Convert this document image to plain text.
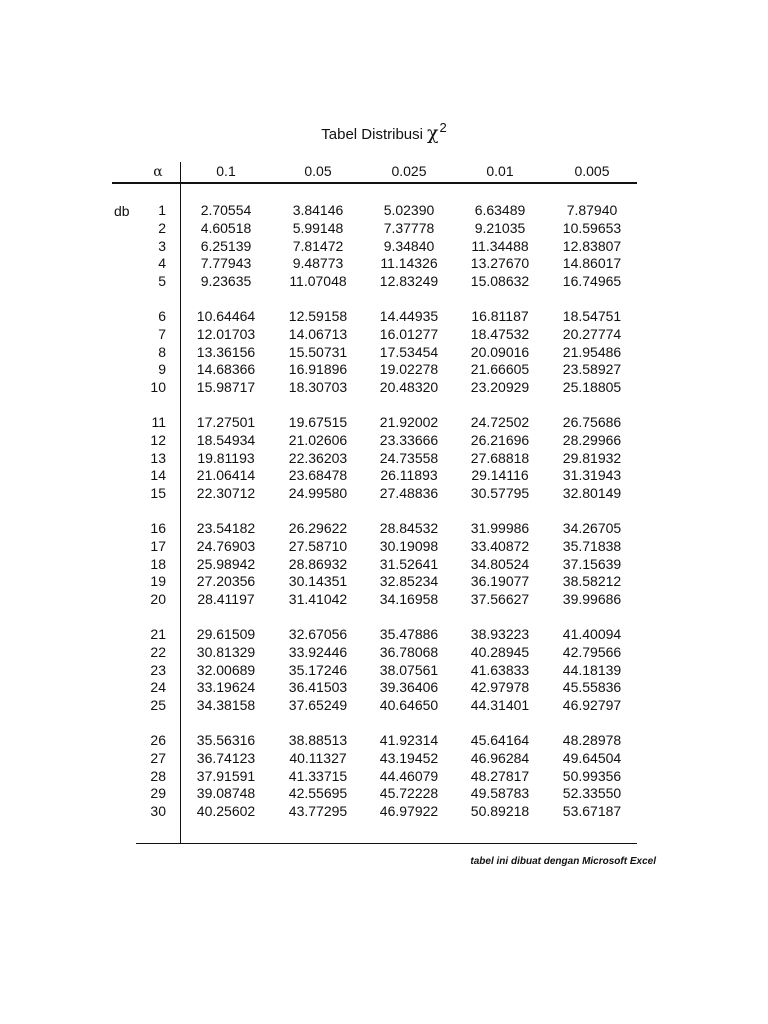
Tabel Distribusi χ2
α	0.1	0.05	0.025	0.01	0.005
db	1	2.70554	3.84146	5.02390	6.63489	7.87940
2	4.60518	5.99148	7.37778	9.21035	10.59653
3	6.25139	7.81472	9.34840	11.34488	12.83807
4	7.77943	9.48773	11.14326	13.27670	14.86017
5	9.23635	11.07048	12.83249	15.08632	16.74965
6	10.64464	12.59158	14.44935	16.81187	18.54751
7	12.01703	14.06713	16.01277	18.47532	20.27774
8	13.36156	15.50731	17.53454	20.09016	21.95486
9	14.68366	16.91896	19.02278	21.66605	23.58927
10	15.98717	18.30703	20.48320	23.20929	25.18805
11	17.27501	19.67515	21.92002	24.72502	26.75686
12	18.54934	21.02606	23.33666	26.21696	28.29966
13	19.81193	22.36203	24.73558	27.68818	29.81932
14	21.06414	23.68478	26.11893	29.14116	31.31943
15	22.30712	24.99580	27.48836	30.57795	32.80149
16	23.54182	26.29622	28.84532	31.99986	34.26705
17	24.76903	27.58710	30.19098	33.40872	35.71838
18	25.98942	28.86932	31.52641	34.80524	37.15639
19	27.20356	30.14351	32.85234	36.19077	38.58212
20	28.41197	31.41042	34.16958	37.56627	39.99686
21	29.61509	32.67056	35.47886	38.93223	41.40094
22	30.81329	33.92446	36.78068	40.28945	42.79566
23	32.00689	35.17246	38.07561	41.63833	44.18139
24	33.19624	36.41503	39.36406	42.97978	45.55836
25	34.38158	37.65249	40.64650	44.31401	46.92797
26	35.56316	38.88513	41.92314	45.64164	48.28978
27	36.74123	40.11327	43.19452	46.96284	49.64504
28	37.91591	41.33715	44.46079	48.27817	50.99356
29	39.08748	42.55695	45.72228	49.58783	52.33550
30	40.25602	43.77295	46.97922	50.89218	53.67187
tabel ini dibuat dengan Microsoft Excel
